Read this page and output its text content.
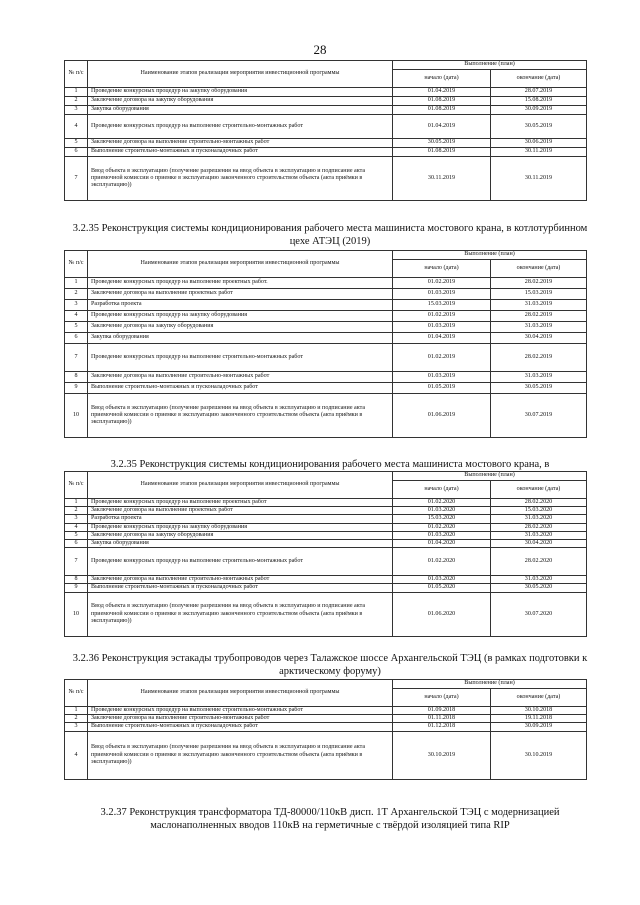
28
№ п/с	Наименование этапов реализации мероприятия инвестиционной программы	Выполнение (план)	
		начало (дата)	окончание (дата)

1	Проведение конкурсных процедур на закупку оборудования	01.04.2019	28.07.2019
2	Заключение договора на закупку оборудования	01.08.2019	15.08.2019
3	Закупка оборудования	01.08.2019	30.09.2019
4	Проведение конкурсных процедур на выполнение строительно-монтажных работ	01.04.2019	30.05.2019
5	Заключение договора на выполнение строительно-монтажных работ	30.05.2019	30.06.2019
6	Выполнение строительно-монтажных и пусконаладочных работ	01.08.2019	30.11.2019
7	Ввод объекта в эксплуатацию (получение разрешения на ввод объекта в эксплуатацию и подписание акта приемочной комиссии о приемке в эксплуатацию законченного строительством объекта (акта приёмки в эксплуатацию))	30.11.2019	30.11.2019
3.2.35 Реконструкция системы кондиционирования рабочего места машиниста мостового крана, в котлотурбинном цехе АТЭЦ (2019)
№ п/с	Наименование этапов реализации мероприятия инвестиционной программы	Выполнение (план)	
		начало (дата)	окончание (дата)

1	Проведение конкурсных процедур на выполнение проектных работ.	01.02.2019	28.02.2019
2	Заключение договора на выполнение проектных работ	01.03.2019	15.03.2019
3	Разработка проекта	15.03.2019	31.03.2019
4	Проведение конкурсных процедур на закупку оборудования	01.02.2019	28.02.2019
5	Заключение договора на закупку оборудования	01.03.2019	31.03.2019
6	Закупка оборудования	01.04.2019	30.04.2019
7	Проведение конкурсных процедур на выполнение строительно-монтажных работ	01.02.2019	28.02.2019
8	Заключение договора на выполнение строительно-монтажных работ	01.03.2019	31.03.2019
9	Выполнение строительно-монтажных и пусконаладочных работ	01.05.2019	30.05.2019
10	Ввод объекта в эксплуатацию (получение разрешения на ввод объекта в эксплуатацию и подписание акта приемочной комиссии о приемке в эксплуатацию законченного строительством объекта (акта приёмки в эксплуатацию))	01.06.2019	30.07.2019
3.2.35 Реконструкция системы кондиционирования рабочего места машиниста мостового крана, в
№ п/с	Наименование этапов реализации мероприятия инвестиционной программы	Выполнение (план)	
		начало (дата)	окончание (дата)

1	Проведение конкурсных процедур на выполнение проектных работ	01.02.2020	28.02.2020
2	Заключение договора на выполнение проектных работ	01.03.2020	15.03.2020
3	Разработка проекта	15.03.2020	31.03.2020
4	Проведение конкурсных процедур на закупку оборудования	01.02.2020	28.02.2020
5	Заключение договора на закупку оборудования	01.03.2020	31.03.2020
6	Закупка оборудования	01.04.2020	30.04.2020
7	Проведение конкурсных процедур на выполнение строительно-монтажных работ	01.02.2020	28.02.2020
8	Заключение договора на выполнение строительно-монтажных работ	01.03.2020	31.03.2020
9	Выполнение строительно-монтажных и пусконаладочных работ	01.05.2020	30.05.2020
10	Ввод объекта в эксплуатацию (получение разрешения на ввод объекта в эксплуатацию и подписание акта приемочной комиссии о приемке в эксплуатацию законченного строительством объекта (акта приёмки в эксплуатацию))	01.06.2020	30.07.2020
3.2.36 Реконструкция эстакады трубопроводов через Талажское шоссе Архангельской ТЭЦ (в рамках подготовки к арктическому форуму)
№ п/с	Наименование этапов реализации мероприятия инвестиционной программы	Выполнение (план)	
		начало (дата)	окончание (дата)

1	Проведение конкурсных процедур на выполнение строительно-монтажных работ	01.09.2018	30.10.2018
2	Заключение договора на выполнение строительно-монтажных работ	01.11.2018	19.11.2018
3	Выполнение строительно-монтажных и пусконаладочных работ	01.12.2018	30.09.2019
4	Ввод объекта в эксплуатацию (получение разрешения на ввод объекта в эксплуатацию и подписание акта приемочной комиссии о приемке в эксплуатацию законченного строительством объекта (акта приёмки в эксплуатацию))	30.10.2019	30.10.2019
3.2.37 Реконструкция трансформатора ТД-80000/110кВ дисп. 1Т Архангельской ТЭЦ с модернизацией маслонаполненных вводов 110кВ на герметичные с твёрдой изоляцией типа RIP
